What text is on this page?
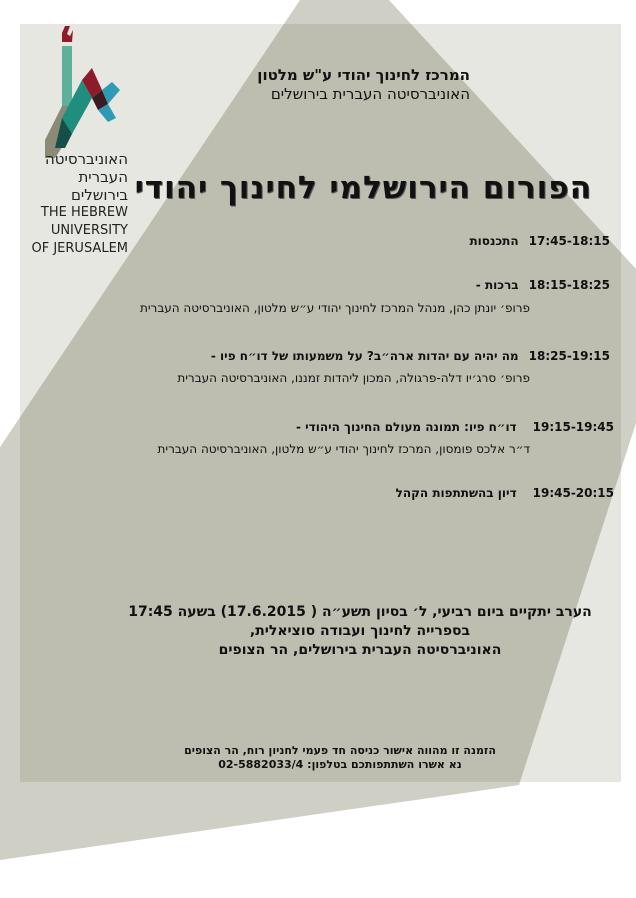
האוניברסיטה
העברית
בירושלים
THE HEBREW
UNIVERSITY
OF JERUSALEM
המרכז לחינוך יהודי ע"ש מלטון
האוניברסיטה העברית בירושלים
הפורום הירושלמי לחינוך יהודי
17:45-18:15התכנסות
18:15-18:25ברכות -
פרופ׳ יונתן כהן, מנהל המרכז לחינוך יהודי ע״ש מלטון, האוניברסיטה העברית
18:25-19:15מה יהיה עם יהדות ארה״ב? על משמעותו של דו״ח פיו -
פרופ׳ סרג׳יו דלה-פרגולה, המכון ליהדות זמננו, האוניברסיטה העברית
19:15-19:45דו״ח פיו: תמונה מעולם החינוך היהודי -
ד״ר אלכס פומסון, המרכז לחינוך יהודי ע״ש מלטון, האוניברסיטה העברית
19:45-20:15דיון בהשתתפות הקהל
הערב יתקיים ביום רביעי, ל׳ בסיון תשע״ה ( 17.6.2015) בשעה 17:45
בספרייה לחינוך ועבודה סוציאלית,
האוניברסיטה העברית בירושלים, הר הצופים
הזמנה זו מהווה אישור כניסה חד פעמי לחניון רוח, הר הצופים
נא אשרו השתתפותכם בטלפון: 02-5882033/4
